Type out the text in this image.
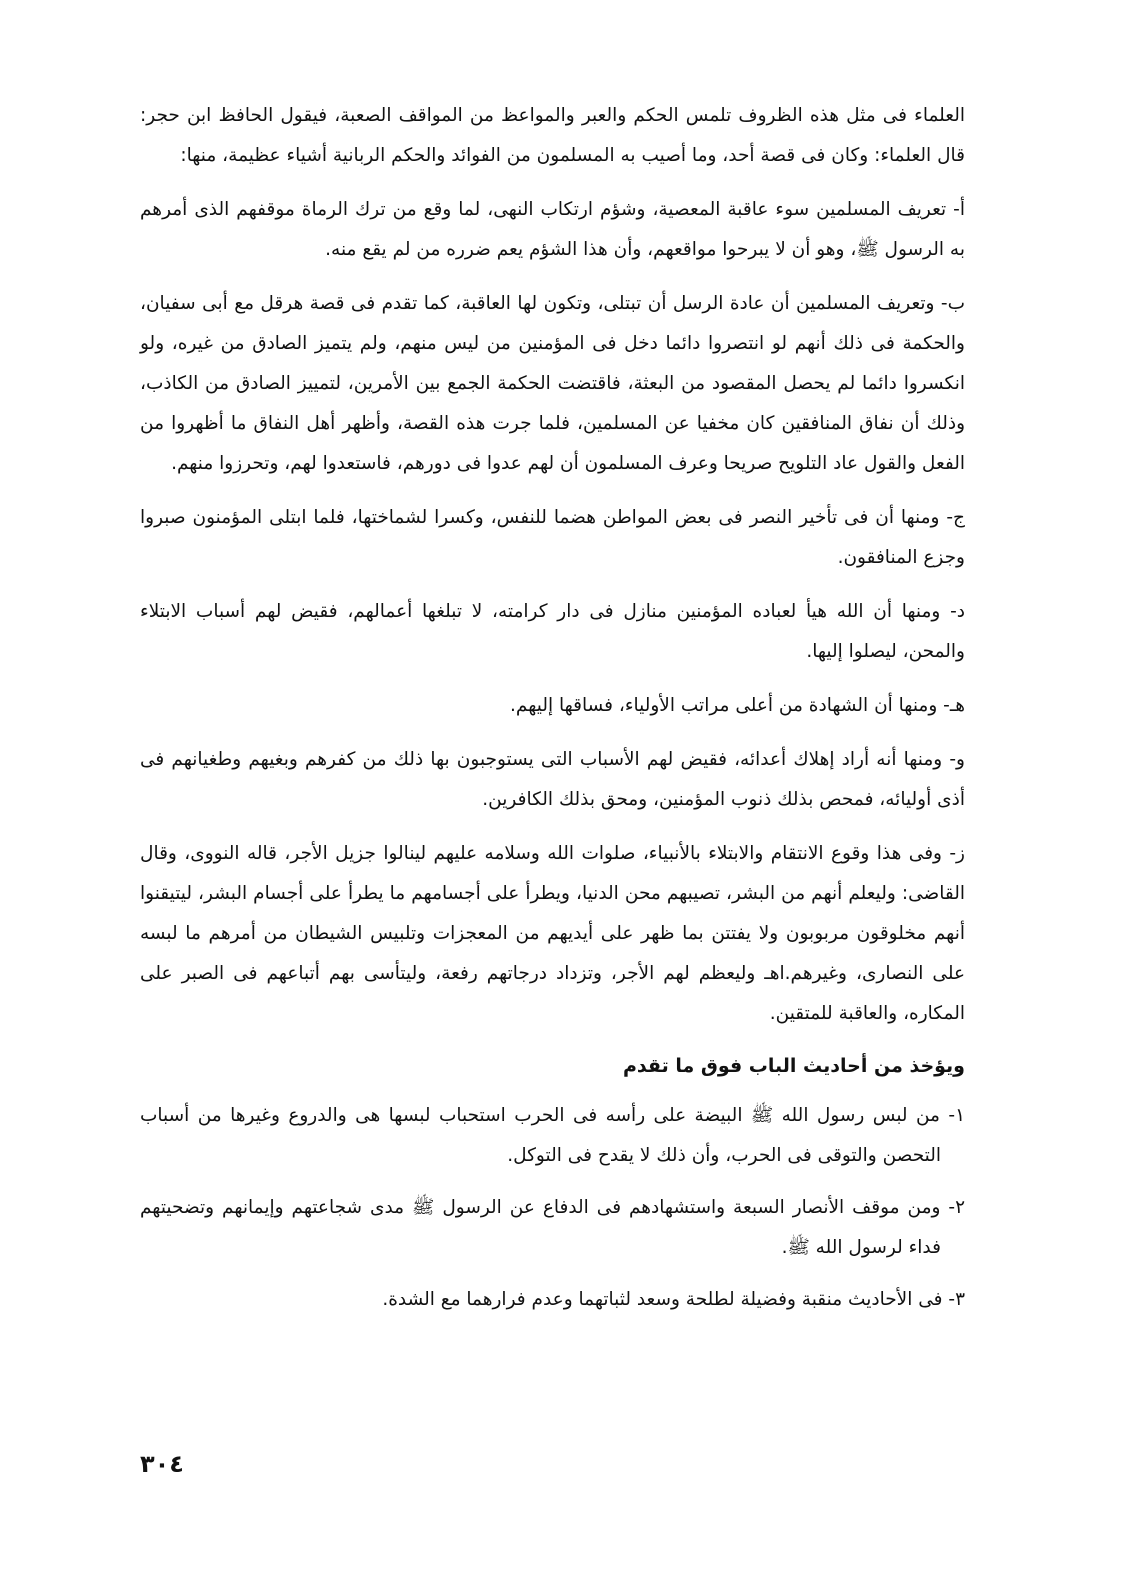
العلماء فى مثل هذه الظروف تلمس الحكم والعبر والمواعظ من المواقف الصعبة، فيقول الحافظ ابن حجر: قال العلماء: وكان فى قصة أحد، وما أصيب به المسلمون من الفوائد والحكم الربانية أشياء عظيمة، منها:

أ- تعريف المسلمين سوء عاقبة المعصية، وشؤم ارتكاب النهى، لما وقع من ترك الرماة موقفهم الذى أمرهم به الرسول ﷺ، وهو أن لا يبرحوا مواقعهم، وأن هذا الشؤم يعم ضرره من لم يقع منه.

ب- وتعريف المسلمين أن عادة الرسل أن تبتلى، وتكون لها العاقبة، كما تقدم فى قصة هرقل مع أبى سفيان، والحكمة فى ذلك أنهم لو انتصروا دائما دخل فى المؤمنين من ليس منهم، ولم يتميز الصادق من غيره، ولو انكسروا دائما لم يحصل المقصود من البعثة، فاقتضت الحكمة الجمع بين الأمرين، لتمييز الصادق من الكاذب، وذلك أن نفاق المنافقين كان مخفيا عن المسلمين، فلما جرت هذه القصة، وأظهر أهل النفاق ما أظهروا من الفعل والقول عاد التلويح صريحا وعرف المسلمون أن لهم عدوا فى دورهم، فاستعدوا لهم، وتحرزوا منهم.

ج- ومنها أن فى تأخير النصر فى بعض المواطن هضما للنفس، وكسرا لشماختها، فلما ابتلى المؤمنون صبروا وجزع المنافقون.

د- ومنها أن الله هيأ لعباده المؤمنين منازل فى دار كرامته، لا تبلغها أعمالهم، فقيض لهم أسباب الابتلاء والمحن، ليصلوا إليها.

هـ- ومنها أن الشهادة من أعلى مراتب الأولياء، فساقها إليهم.

و- ومنها أنه أراد إهلاك أعدائه، فقيض لهم الأسباب التى يستوجبون بها ذلك من كفرهم وبغيهم وطغيانهم فى أذى أوليائه، فمحص بذلك ذنوب المؤمنين، ومحق بذلك الكافرين.

ز- وفى هذا وقوع الانتقام والابتلاء بالأنبياء، صلوات الله وسلامه عليهم لينالوا جزيل الأجر، قاله النووى، وقال القاضى: وليعلم أنهم من البشر، تصيبهم محن الدنيا، ويطرأ على أجسامهم ما يطرأ على أجسام البشر، ليتيقنوا أنهم مخلوقون مربوبون ولا يفتتن بما ظهر على أيديهم من المعجزات وتلبيس الشيطان من أمرهم ما لبسه على النصارى، وغيرهم.اهـ وليعظم لهم الأجر، وتزداد درجاتهم رفعة، وليتأسى بهم أتباعهم فى الصبر على المكاره، والعاقبة للمتقين.

ويؤخذ من أحاديث الباب فوق ما تقدم

١- من لبس رسول الله ﷺ البيضة على رأسه فى الحرب استحباب لبسها هى والدروع وغيرها من أسباب التحصن والتوقى فى الحرب، وأن ذلك لا يقدح فى التوكل.

٢- ومن موقف الأنصار السبعة واستشهادهم فى الدفاع عن الرسول ﷺ مدى شجاعتهم وإيمانهم وتضحيتهم فداء لرسول الله ﷺ.

٣- فى الأحاديث منقبة وفضيلة لطلحة وسعد لثباتهما وعدم فرارهما مع الشدة.

٣٠٤
